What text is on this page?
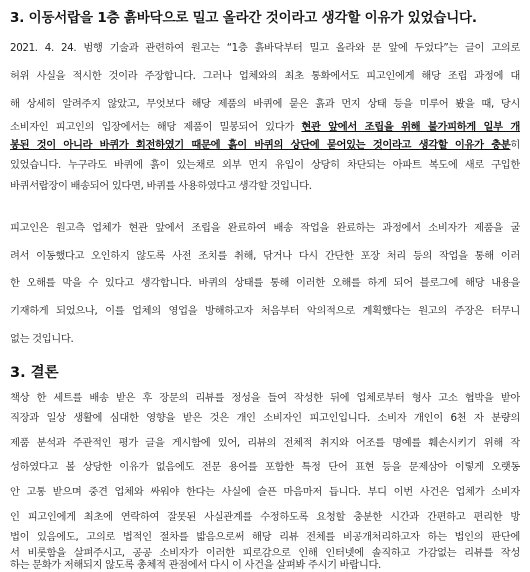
3. 이동서랍을 1층 흙바닥으로 밀고 올라간 것이라고 생각할 이유가 있었습니다.
2021. 4. 24. 범행 기술과 관련하여 원고는 “1층 흙바닥부터 밀고 올라와 문 앞에 두었다”는 글이 고의로
허위 사실을 적시한 것이라 주장합니다. 그러나 업체와의 최초 통화에서도 피고인에게 해당 조립 과정에 대
해 상세히 알려주지 않았고, 무엇보다 해당 제품의 바퀴에 묻은 흙과 먼지 상태 등을 미루어 봤을 때, 당시
소비자인 피고인의 입장에서는 해당 제품이 밀봉되어 있다가 현관 앞에서 조립을 위해 불가피하게 일부 개
봉된 것이 아니라 바퀴가 회전하였기 때문에 흙이 바퀴의 상단에 묻어있는 것이라고 생각할 이유가 충분히
있었습니다. 누구라도 바퀴에 흙이 있는채로 외부 먼지 유입이 상당히 차단되는 아파트 복도에 새로 구입한
바퀴서랍장이 배송되어 있다면, 바퀴를 사용하였다고 생각할 것입니다.
피고인은 원고측 업체가 현관 앞에서 조립을 완료하여 배송 작업을 완료하는 과정에서 소비자가 제품을 굴
려서 이동했다고 오인하지 않도록 사전 조치를 취해, 닦거나 다시 간단한 포장 처리 등의 작업을 통해 이러
한 오해를 막을 수 있다고 생각합니다. 바퀴의 상태를 통해 이러한 오해를 하게 되어 블로그에 해당 내용을
기재하게 되었으나, 이를 업체의 영업을 방해하고자 처음부터 악의적으로 계획했다는 원고의 주장은 터무니
없는 것입니다.
3. 결론
책상 한 세트를 배송 받은 후 장문의 리뷰를 정성을 들여 작성한 뒤에 업체로부터 형사 고소 협박을 받아
직장과 일상 생활에 심대한 영향을 받은 것은 개인 소비자인 피고인입니다. 소비자 개인이 6천 자 분량의
제품 분석과 주관적인 평가 글을 게시함에 있어, 리뷰의 전체적 취지와 어조를 명예를 훼손시키기 위해 작
성하였다고 볼 상당한 이유가 없음에도 전문 용어를 포함한 특정 단어 표현 등을 문제삼아 이렇게 오랫동
안 고통 받으며 중견 업체와 싸워야 한다는 사실에 슬픈 마음마저 듭니다. 부디 이번 사건은 업체가 소비자
인 피고인에게 최초에 연락하여 잘못된 사실관계를 수정하도록 요청할 충분한 시간과 간편하고 편리한 방
법이 있음에도, 고의로 법적인 절차를 밟음으로써 해당 리뷰 전체를 비공개처리하고자 하는 법인의 판단에
서 비롯함을 살펴주시고, 공공 소비자가 이러한 피로감으로 인해 인터넷에 솔직하고 가감없는 리뷰를 작성
하는 문화가 저해되지 않도록 총체적 관점에서 다시 이 사건을 살펴봐 주시기 바랍니다.
